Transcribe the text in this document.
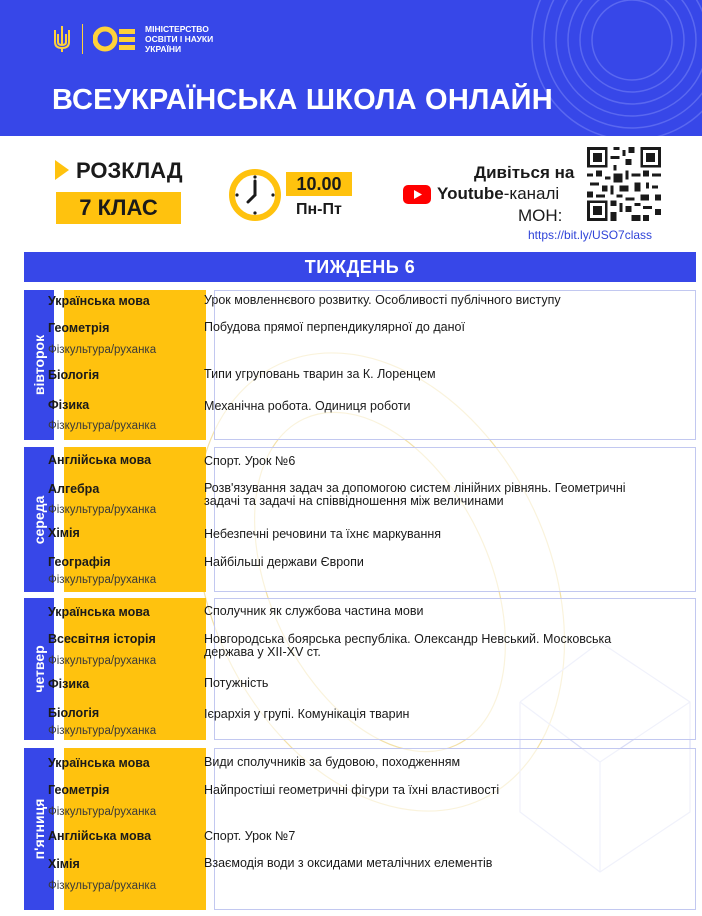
МІНІСТЕРСТВО
ОСВІТИ І НАУКИ
УКРАЇНИ
ВСЕУКРАЇНСЬКА ШКОЛА ОНЛАЙН
РОЗКЛАД
7 КЛАС
10.00
Пн-Пт
Дивіться на
Youtube -каналі
МОН:
https://bit.ly/USO7class
ТИЖДЕНЬ 6
вівторок
Українська мова	Урок мовленнєвого розвитку. Особливості публічного виступу
Геометрія	Побудова прямої перпендикулярної до даної
Фізкультура/руханка
Біологія	Типи угруповань тварин за К. Лоренцем
Фізика	Механічна робота. Одиниця роботи
Фізкультура/руханка
середа
Англійська мова	Спорт. Урок №6
Алгебра	Розв'язування задач за допомогою систем лінійних рівнянь. Геометричні
задачі та задачі на співвідношення між величинами
Фізкультура/руханка
Хімія	Небезпечні речовини та їхнє маркування
Географія	Найбільші держави Європи
Фізкультура/руханка
четвер
Українська мова	Сполучник як службова частина мови
Всесвітня історія	Новгородська боярська республіка. Олександр Невський. Московська
держава у XII-XV ст.
Фізкультура/руханка
Фізика	Потужність
Біологія	Ієрархія у групі. Комунікація тварин
Фізкультура/руханка
п'ятниця
Українська мова	Види сполучників за будовою, походженням
Геометрія	Найпростіші геометричні фігури та їхні властивості
Фізкультура/руханка
Англійська мова	Спорт. Урок №7
Хімія	Взаємодія води з оксидами металічних елементів
Фізкультура/руханка
